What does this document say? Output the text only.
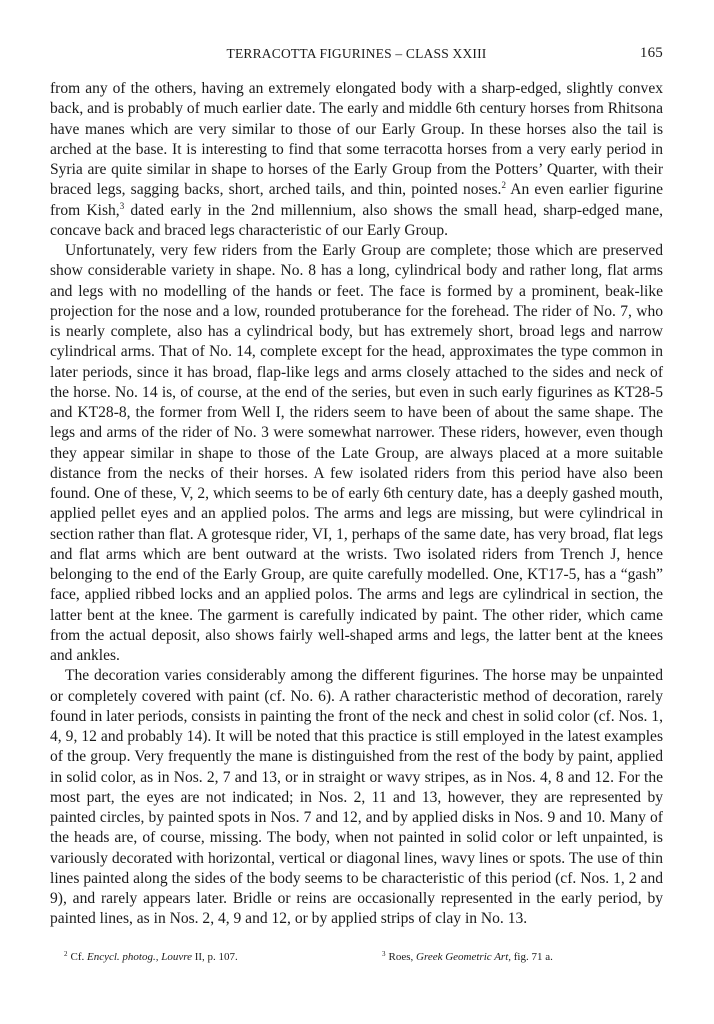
TERRACOTTA FIGURINES – CLASS XXIII	165

from any of the others, having an extremely elongated body with a sharp-edged, slightly convex back, and is probably of much earlier date. The early and middle 6th century horses from Rhitsona have manes which are very similar to those of our Early Group. In these horses also the tail is arched at the base. It is interesting to find that some terracotta horses from a very early period in Syria are quite similar in shape to horses of the Early Group from the Potters’ Quarter, with their braced legs, sagging backs, short, arched tails, and thin, pointed noses.$^2$ An even earlier figurine from Kish,$^3$ dated early in the 2nd millennium, also shows the small head, sharp-edged mane, concave back and braced legs characteristic of our Early Group.

Unfortunately, very few riders from the Early Group are complete; those which are preserved show considerable variety in shape. No. 8 has a long, cylindrical body and rather long, flat arms and legs with no modelling of the hands or feet. The face is formed by a prominent, beak-like projection for the nose and a low, rounded protuberance for the forehead. The rider of No. 7, who is nearly complete, also has a cylindrical body, but has extremely short, broad legs and narrow cylindrical arms. That of No. 14, complete except for the head, approximates the type common in later periods, since it has broad, flap-like legs and arms closely attached to the sides and neck of the horse. No. 14 is, of course, at the end of the series, but even in such early figurines as KT28-5 and KT28-8, the former from Well I, the riders seem to have been of about the same shape. The legs and arms of the rider of No. 3 were somewhat narrower. These riders, however, even though they appear similar in shape to those of the Late Group, are always placed at a more suitable distance from the necks of their horses. A few isolated riders from this period have also been found. One of these, V, 2, which seems to be of early 6th century date, has a deeply gashed mouth, applied pellet eyes and an applied polos. The arms and legs are missing, but were cylindrical in section rather than flat. A grotesque rider, VI, 1, perhaps of the same date, has very broad, flat legs and flat arms which are bent outward at the wrists. Two isolated riders from Trench J, hence belonging to the end of the Early Group, are quite carefully modelled. One, KT17-5, has a “gash” face, applied ribbed locks and an applied polos. The arms and legs are cylindrical in section, the latter bent at the knee. The garment is carefully indicated by paint. The other rider, which came from the actual deposit, also shows fairly well-shaped arms and legs, the latter bent at the knees and ankles.

The decoration varies considerably among the different figurines. The horse may be unpainted or completely covered with paint (cf. No. 6). A rather characteristic method of decoration, rarely found in later periods, consists in painting the front of the neck and chest in solid color (cf. Nos. 1, 4, 9, 12 and probably 14). It will be noted that this practice is still employed in the latest examples of the group. Very frequently the mane is distinguished from the rest of the body by paint, applied in solid color, as in Nos. 2, 7 and 13, or in straight or wavy stripes, as in Nos. 4, 8 and 12. For the most part, the eyes are not indicated; in Nos. 2, 11 and 13, however, they are represented by painted circles, by painted spots in Nos. 7 and 12, and by applied disks in Nos. 9 and 10. Many of the heads are, of course, missing. The body, when not painted in solid color or left unpainted, is variously decorated with horizontal, vertical or diagonal lines, wavy lines or spots. The use of thin lines painted along the sides of the body seems to be characteristic of this period (cf. Nos. 1, 2 and 9), and rarely appears later. Bridle or reins are occasionally represented in the early period, by painted lines, as in Nos. 2, 4, 9 and 12, or by applied strips of clay in No. 13.

$^2$ Cf. Encycl. photog., Louvre II, p. 107.	$^3$ Roes, Greek Geometric Art, fig. 71 a.
